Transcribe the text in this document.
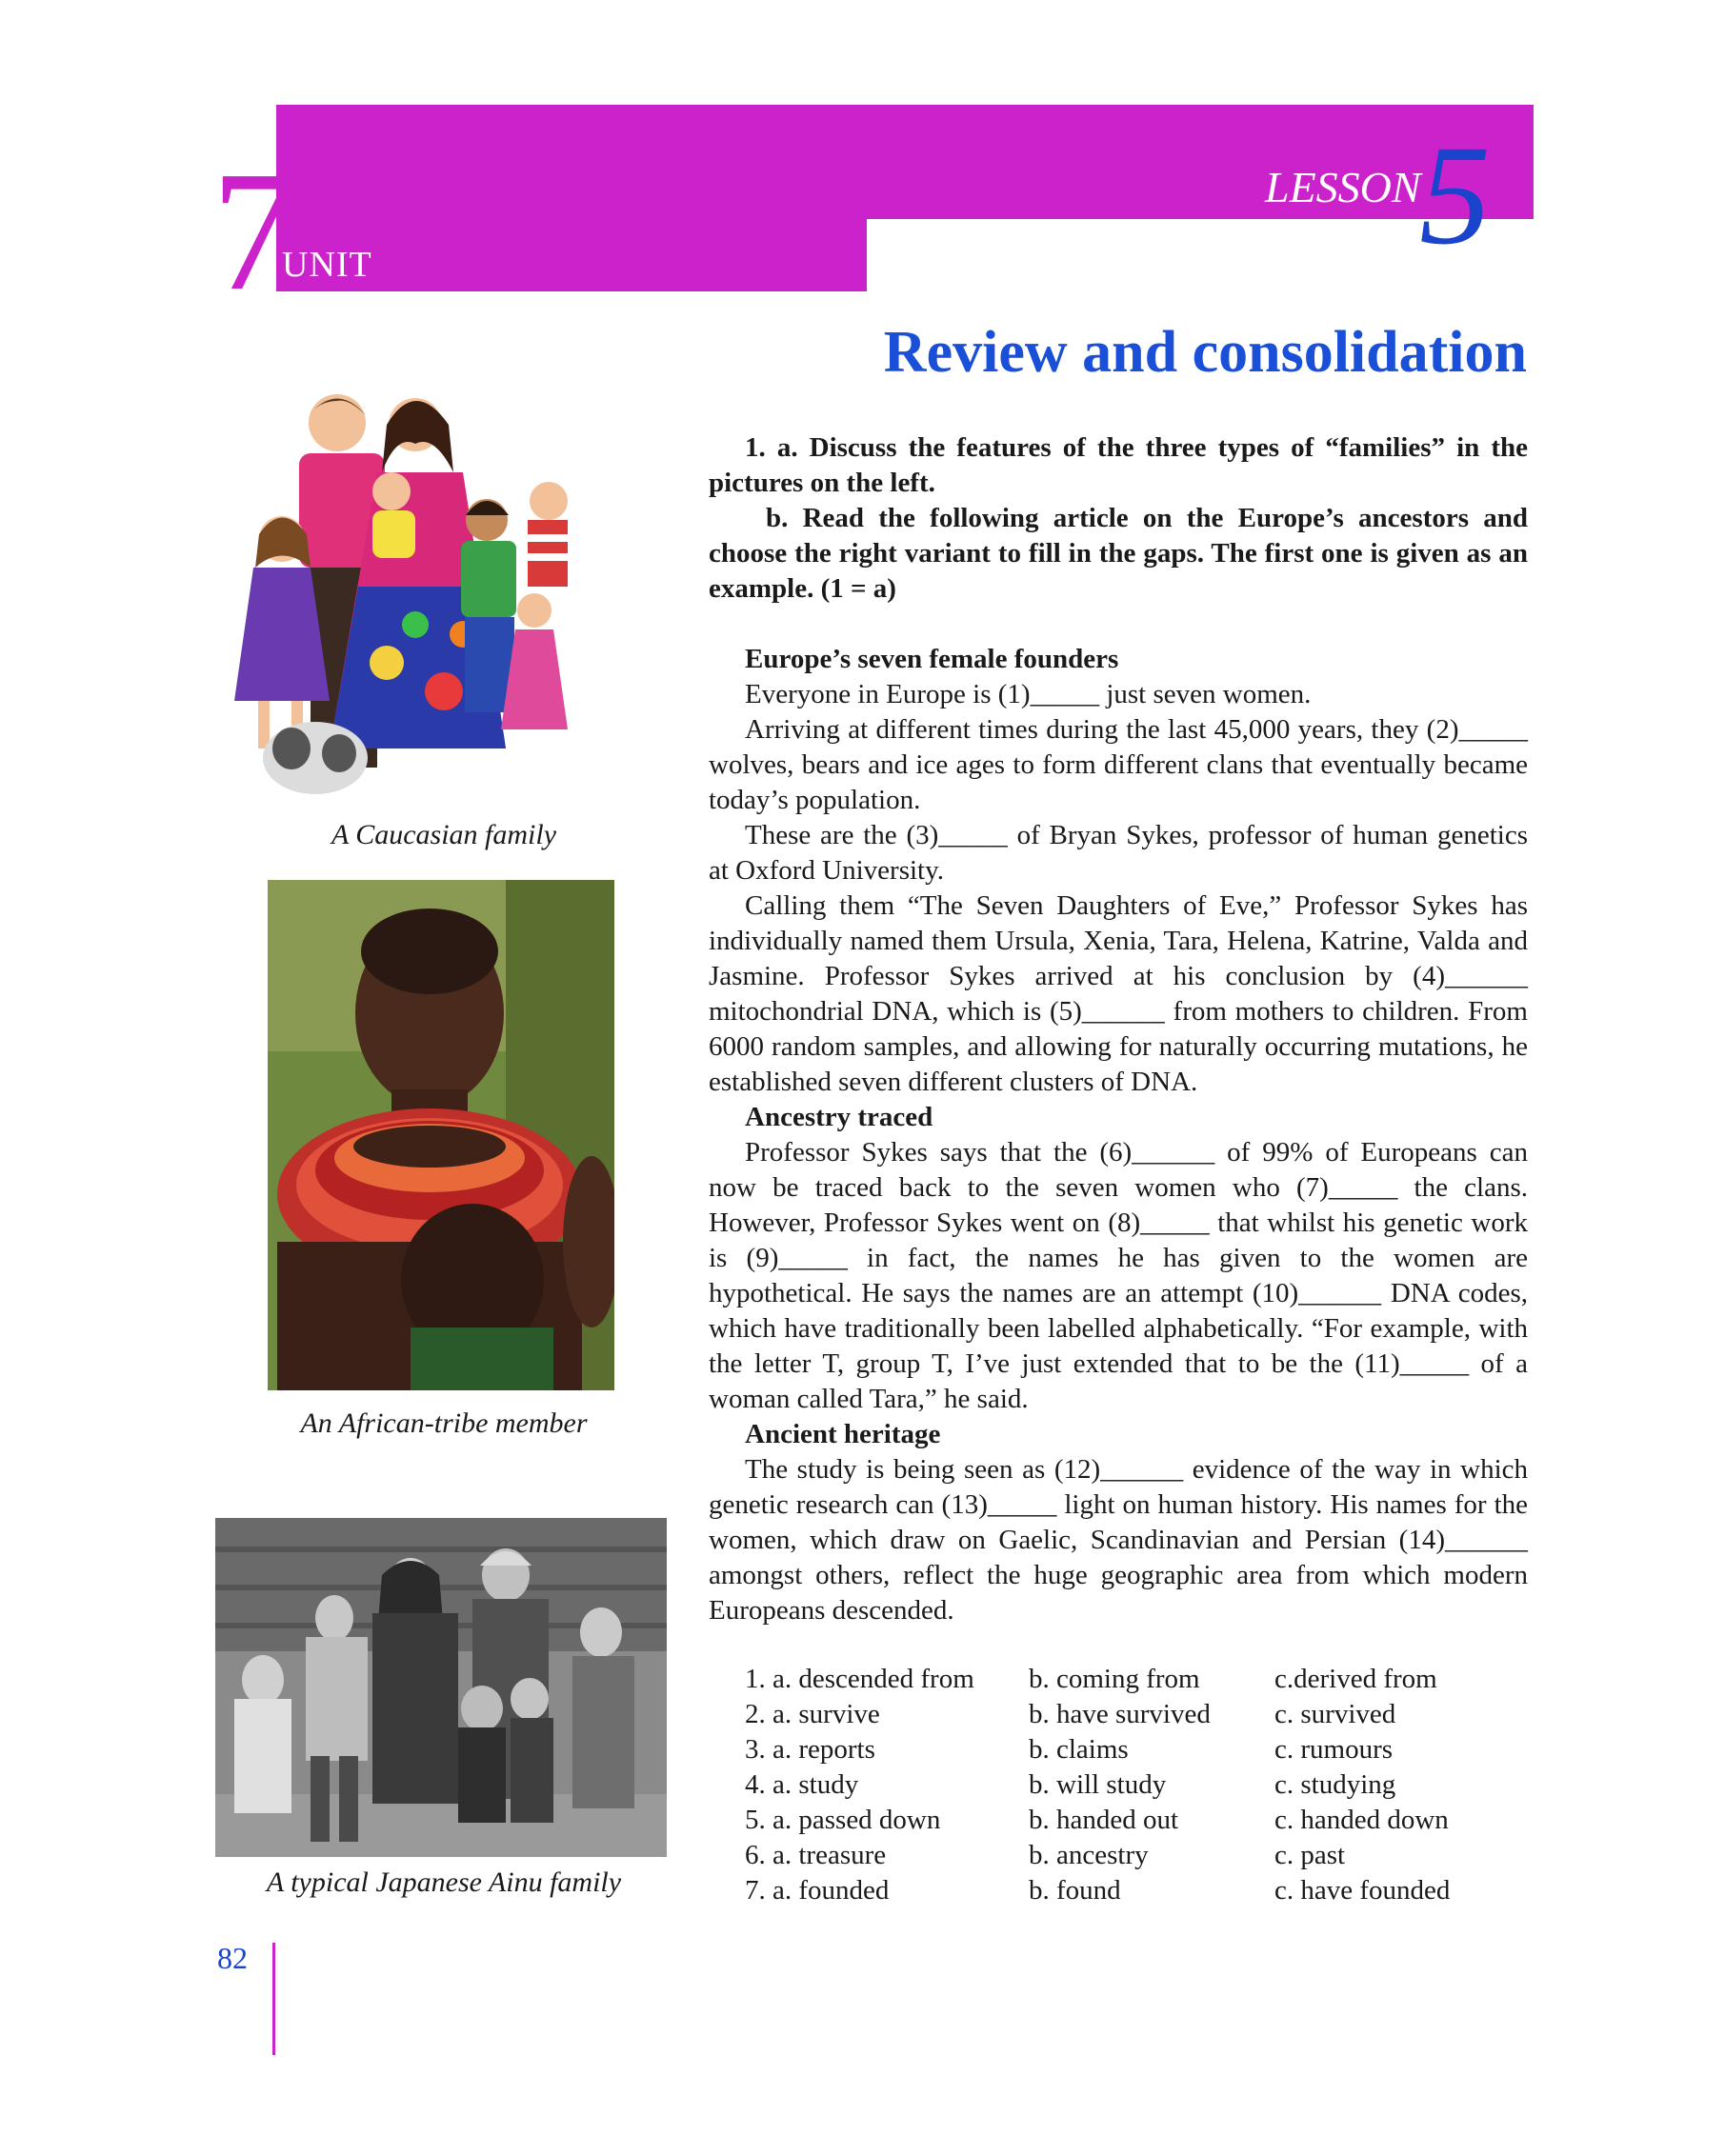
7
UNIT
LESSON
5
Review and consolidation
A Caucasian family
An African-tribe member
A typical Japanese Ainu family

1. a. Discuss the features of the three types of “families” in the pictures on the left.

b. Read the following article on the Europe’s ancestors and choose the right variant to fill in the gaps. The first one is given as an example. (1 = a)

Europe’s seven female founders

Everyone in Europe is (1)_____ just seven women.

Arriving at different times during the last 45,000 years, they (2)_____ wolves, bears and ice ages to form different clans that eventually became today’s population.

These are the (3)_____ of Bryan Sykes, professor of human genetics at Oxford University.

Calling them “The Seven Daughters of Eve,” Professor Sykes has individually named them Ursula, Xenia, Tara, Helena, Katrine, Valda and Jasmine. Professor Sykes arrived at his conclusion by (4)______ mitochondrial DNA, which is (5)______ from mothers to children. From 6000 random samples, and allowing for naturally occurring mutations, he established seven different clusters of DNA.

Ancestry traced

Professor Sykes says that the (6)______ of 99% of Europeans can now be traced back to the seven women who (7)_____ the clans. However, Professor Sykes went on (8)_____ that whilst his genetic work is (9)_____ in fact, the names he has given to the women are hypothetical. He says the names are an attempt (10)______ DNA codes, which have traditionally been labelled alphabetically. “For example, with the letter T, group T, I’ve just extended that to be the (11)_____ of a woman called Tara,” he said.

Ancient heritage

The study is being seen as (12)______ evidence of the way in which genetic research can (13)_____ light on human history. His names for the women, which draw on Gaelic, Scandinavian and Persian (14)______ amongst others, reflect the huge geographic area from which modern Europeans descended.

1. a. descended from	b. coming from	c.derived from
2. a. survive	b. have survived	c. survived
3. a. reports	b. claims	c. rumours
4. a. study	b. will study	c. studying
5. a. passed down	b. handed out	c. handed down
6. a. treasure	b. ancestry	c. past
7. a. founded	b. found	c. have founded
82
